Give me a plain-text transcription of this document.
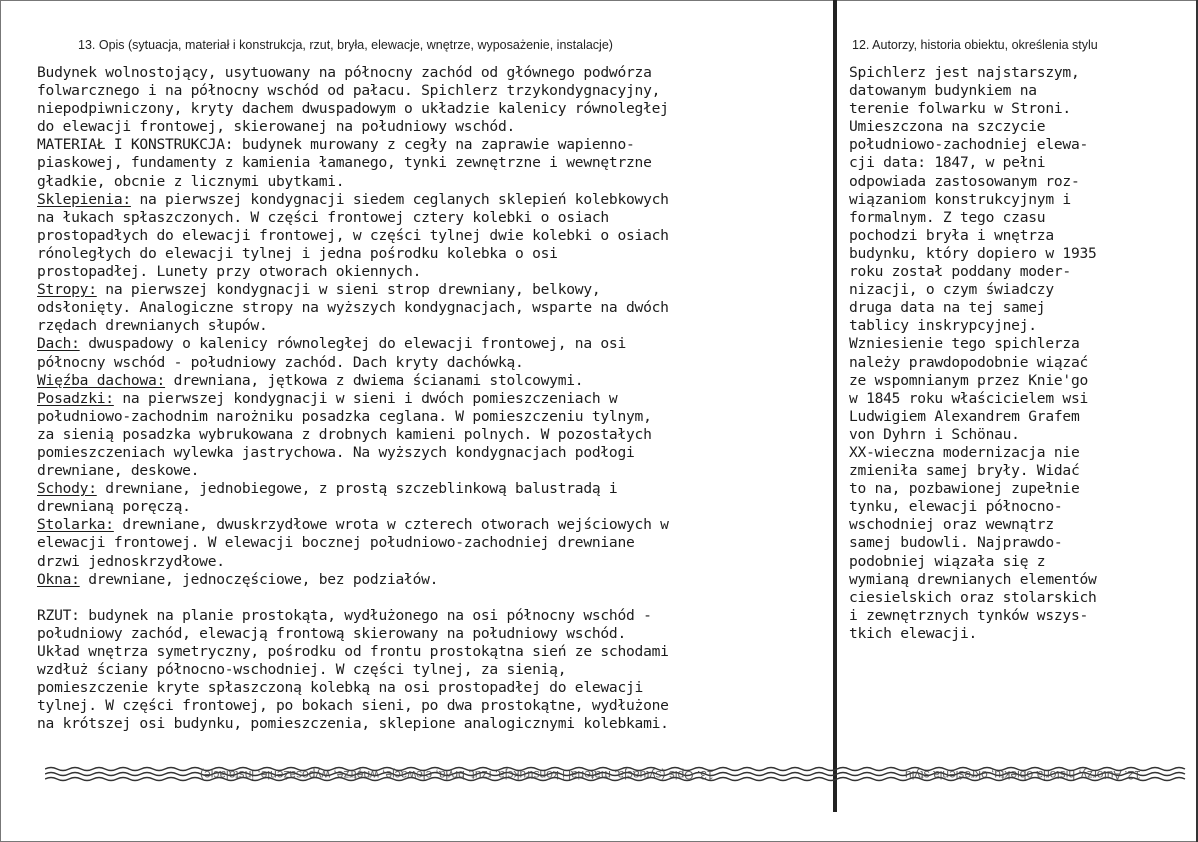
13. Opis (sytuacja, materiał i konstrukcja, rzut, bryła, elewacje, wnętrze, wyposażenie, instalacje)	12. Autorzy, historia obiektu, określenia stylu
Budynek wolnostojący, usytuowany na północny zachód od głównego podwórza
folwarcznego i na północny wschód od pałacu. Spichlerz trzykondygnacyjny,
niepodpiwniczony, kryty dachem dwuspadowym o układzie kalenicy równoległej
do elewacji frontowej, skierowanej na południowy wschód.
MATERIAŁ I KONSTRUKCJA: budynek murowany z cegły na zaprawie wapienno-
piaskowej, fundamenty z kamienia łamanego, tynki zewnętrzne i wewnętrzne
gładkie, obcnie z licznymi ubytkami.
Sklepienia: na pierwszej kondygnacji siedem ceglanych sklepień kolebkowych
na łukach spłaszczonych. W części frontowej cztery kolebki o osiach
prostopadłych do elewacji frontowej, w części tylnej dwie kolebki o osiach
rónoległych do elewacji tylnej i jedna pośrodku kolebka o osi
prostopadłej. Lunety przy otworach okiennych.
Stropy: na pierwszej kondygnacji w sieni strop drewniany, belkowy,
odsłonięty. Analogiczne stropy na wyższych kondygnacjach, wsparte na dwóch
rzędach drewnianych słupów.
Dach: dwuspadowy o kalenicy równoległej do elewacji frontowej, na osi
północny wschód - południowy zachód. Dach kryty dachówką.
Więźba dachowa: drewniana, jętkowa z dwiema ścianami stolcowymi.
Posadzki: na pierwszej kondygnacji w sieni i dwóch pomieszczeniach w
południowo-zachodnim narożniku posadzka ceglana. W pomieszczeniu tylnym,
za sienią posadzka wybrukowana z drobnych kamieni polnych. W pozostałych
pomieszczeniach wylewka jastrychowa. Na wyższych kondygnacjach podłogi
drewniane, deskowe.
Schody: drewniane, jednobiegowe, z prostą szczeblinkową balustradą i
drewnianą poręczą.
Stolarka: drewniane, dwuskrzydłowe wrota w czterech otworach wejściowych w
elewacji frontowej. W elewacji bocznej południowo-zachodniej drewniane
drzwi jednoskrzydłowe.
Okna: drewniane, jednoczęściowe, bez podziałów.
RZUT: budynek na planie prostokąta, wydłużonego na osi północny wschód -
południowy zachód, elewacją frontową skierowany na południowy wschód.
Układ wnętrza symetryczny, pośrodku od frontu prostokątna sień ze schodami
wzdłuż ściany północno-wschodniej. W części tylnej, za sienią,
pomieszczenie kryte spłaszczoną kolebką na osi prostopadłej do elewacji
tylnej. W części frontowej, po bokach sieni, po dwa prostokątne, wydłużone
na krótszej osi budynku, pomieszczenia, sklepione analogicznymi kolebkami.
Spichlerz jest najstarszym,
datowanym budynkiem na
terenie folwarku w Stroni.
Umieszczona na szczycie
południowo-zachodniej elewa-
cji data: 1847, w pełni
odpowiada zastosowanym roz-
wiązaniom konstrukcyjnym i
formalnym. Z tego czasu
pochodzi bryła i wnętrza
budynku, który dopiero w 1935
roku został poddany moder-
nizacji, o czym świadczy
druga data na tej samej
tablicy inskrypcyjnej.
Wzniesienie tego spichlerza
należy prawdopodobnie wiązać
ze wspomnianym przez Knie'go
w 1845 roku właścicielem wsi
Ludwigiem Alexandrem Grafem
von Dyhrn i Schönau.
XX-wieczna modernizacja nie
zmieniła samej bryły. Widać
to na, pozbawionej zupełnie
tynku, elewacji północno-
wschodniej oraz wewnątrz
samej budowli. Najprawdo-
podobniej wiązała się z
wymianą drewnianych elementów
ciesielskich oraz stolarskich
i zewnętrznych tynków wszys-
tkich elewacji.
13. Opis (sytuacja, materiał i konstrukcja, rzut, bryła, elewacje, wnętrze, wyposażenie, instalacje)	12. Autorzy, historia obiektu, określenia stylu
